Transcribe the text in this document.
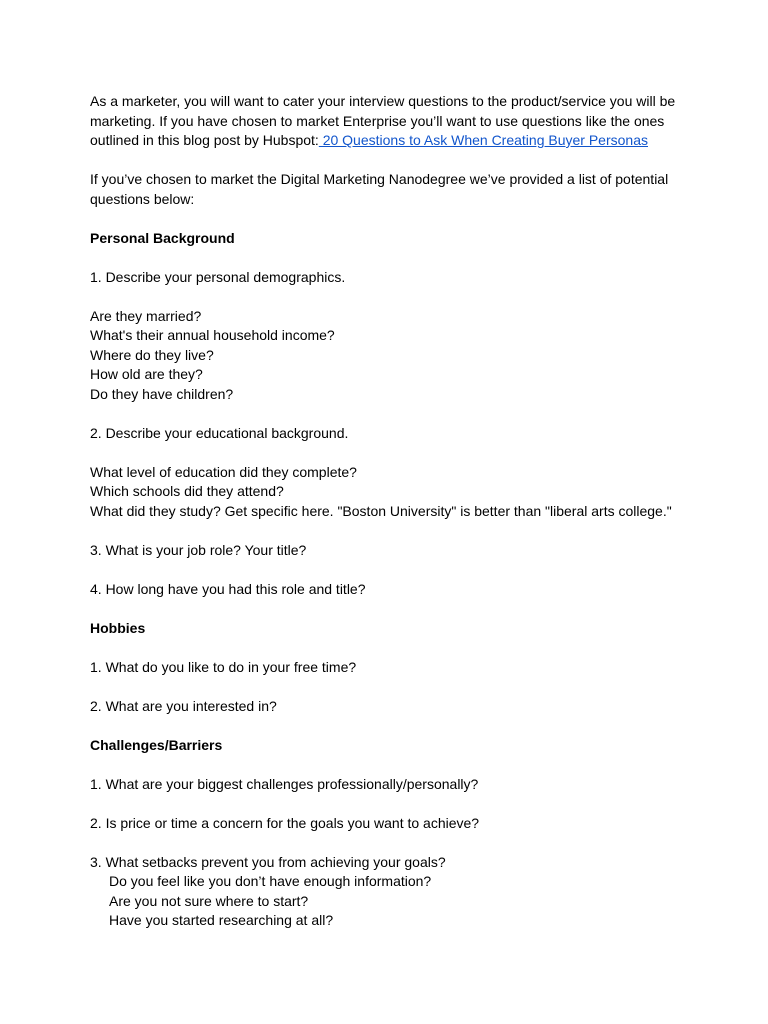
As a marketer, you will want to cater your interview questions to the product/service you will be marketing. If you have chosen to market Enterprise you’ll want to use questions like the ones outlined in this blog post by Hubspot: 20 Questions to Ask When Creating Buyer Personas

If you’ve chosen to market the Digital Marketing Nanodegree we’ve provided a list of potential questions below:

Personal Background

1. Describe your personal demographics.

Are they married?

What's their annual household income?

Where do they live?

How old are they?

Do they have children?

2. Describe your educational background.

What level of education did they complete?

Which schools did they attend?

What did they study? Get specific here. "Boston University" is better than "liberal arts college."

3. What is your job role? Your title?

4. How long have you had this role and title?

Hobbies

1. What do you like to do in your free time?

2. What are you interested in?

Challenges/Barriers

1. What are your biggest challenges professionally/personally?

2. Is price or time a concern for the goals you want to achieve?

3. What setbacks prevent you from achieving your goals?

Do you feel like you don’t have enough information?

Are you not sure where to start?

Have you started researching at all?
